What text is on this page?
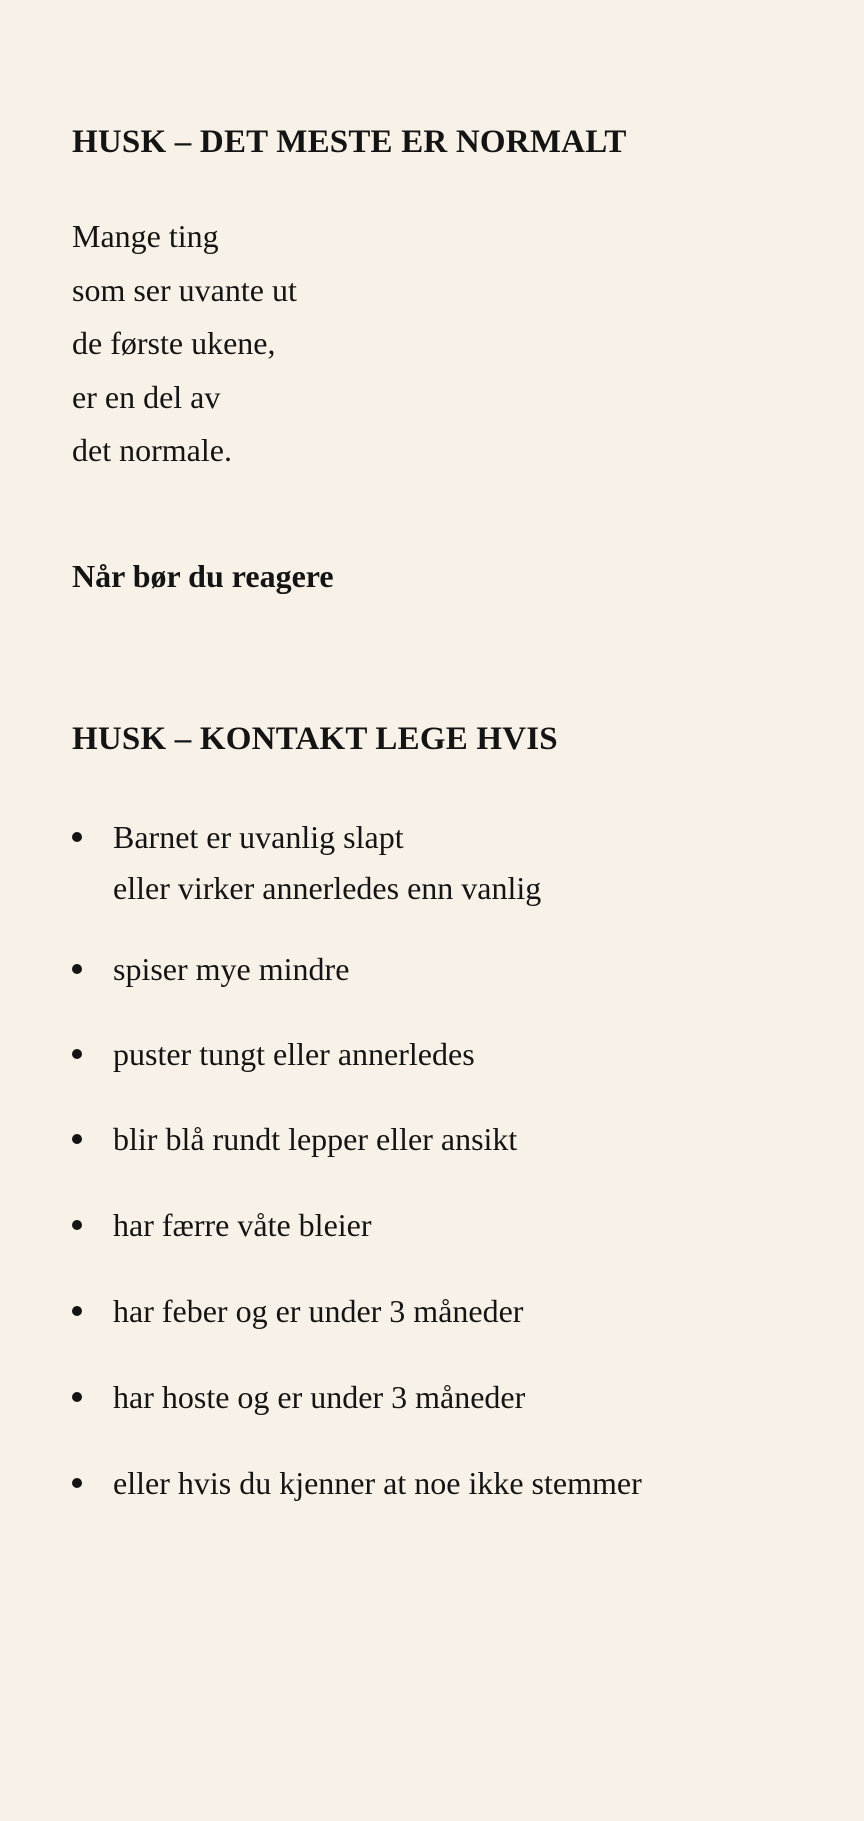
HUSK – DET MESTE ER NORMALT
Mange ting
som ser uvante ut
de første ukene,
er en del av
det normale.
Når bør du reagere
HUSK – KONTAKT LEGE HVIS
Barnet er uvanlig slapt
eller virker annerledes enn vanlig
spiser mye mindre
puster tungt eller annerledes
blir blå rundt lepper eller ansikt
har færre våte bleier
har feber og er under 3 måneder
har hoste og er under 3 måneder
eller hvis du kjenner at noe ikke stemmer
